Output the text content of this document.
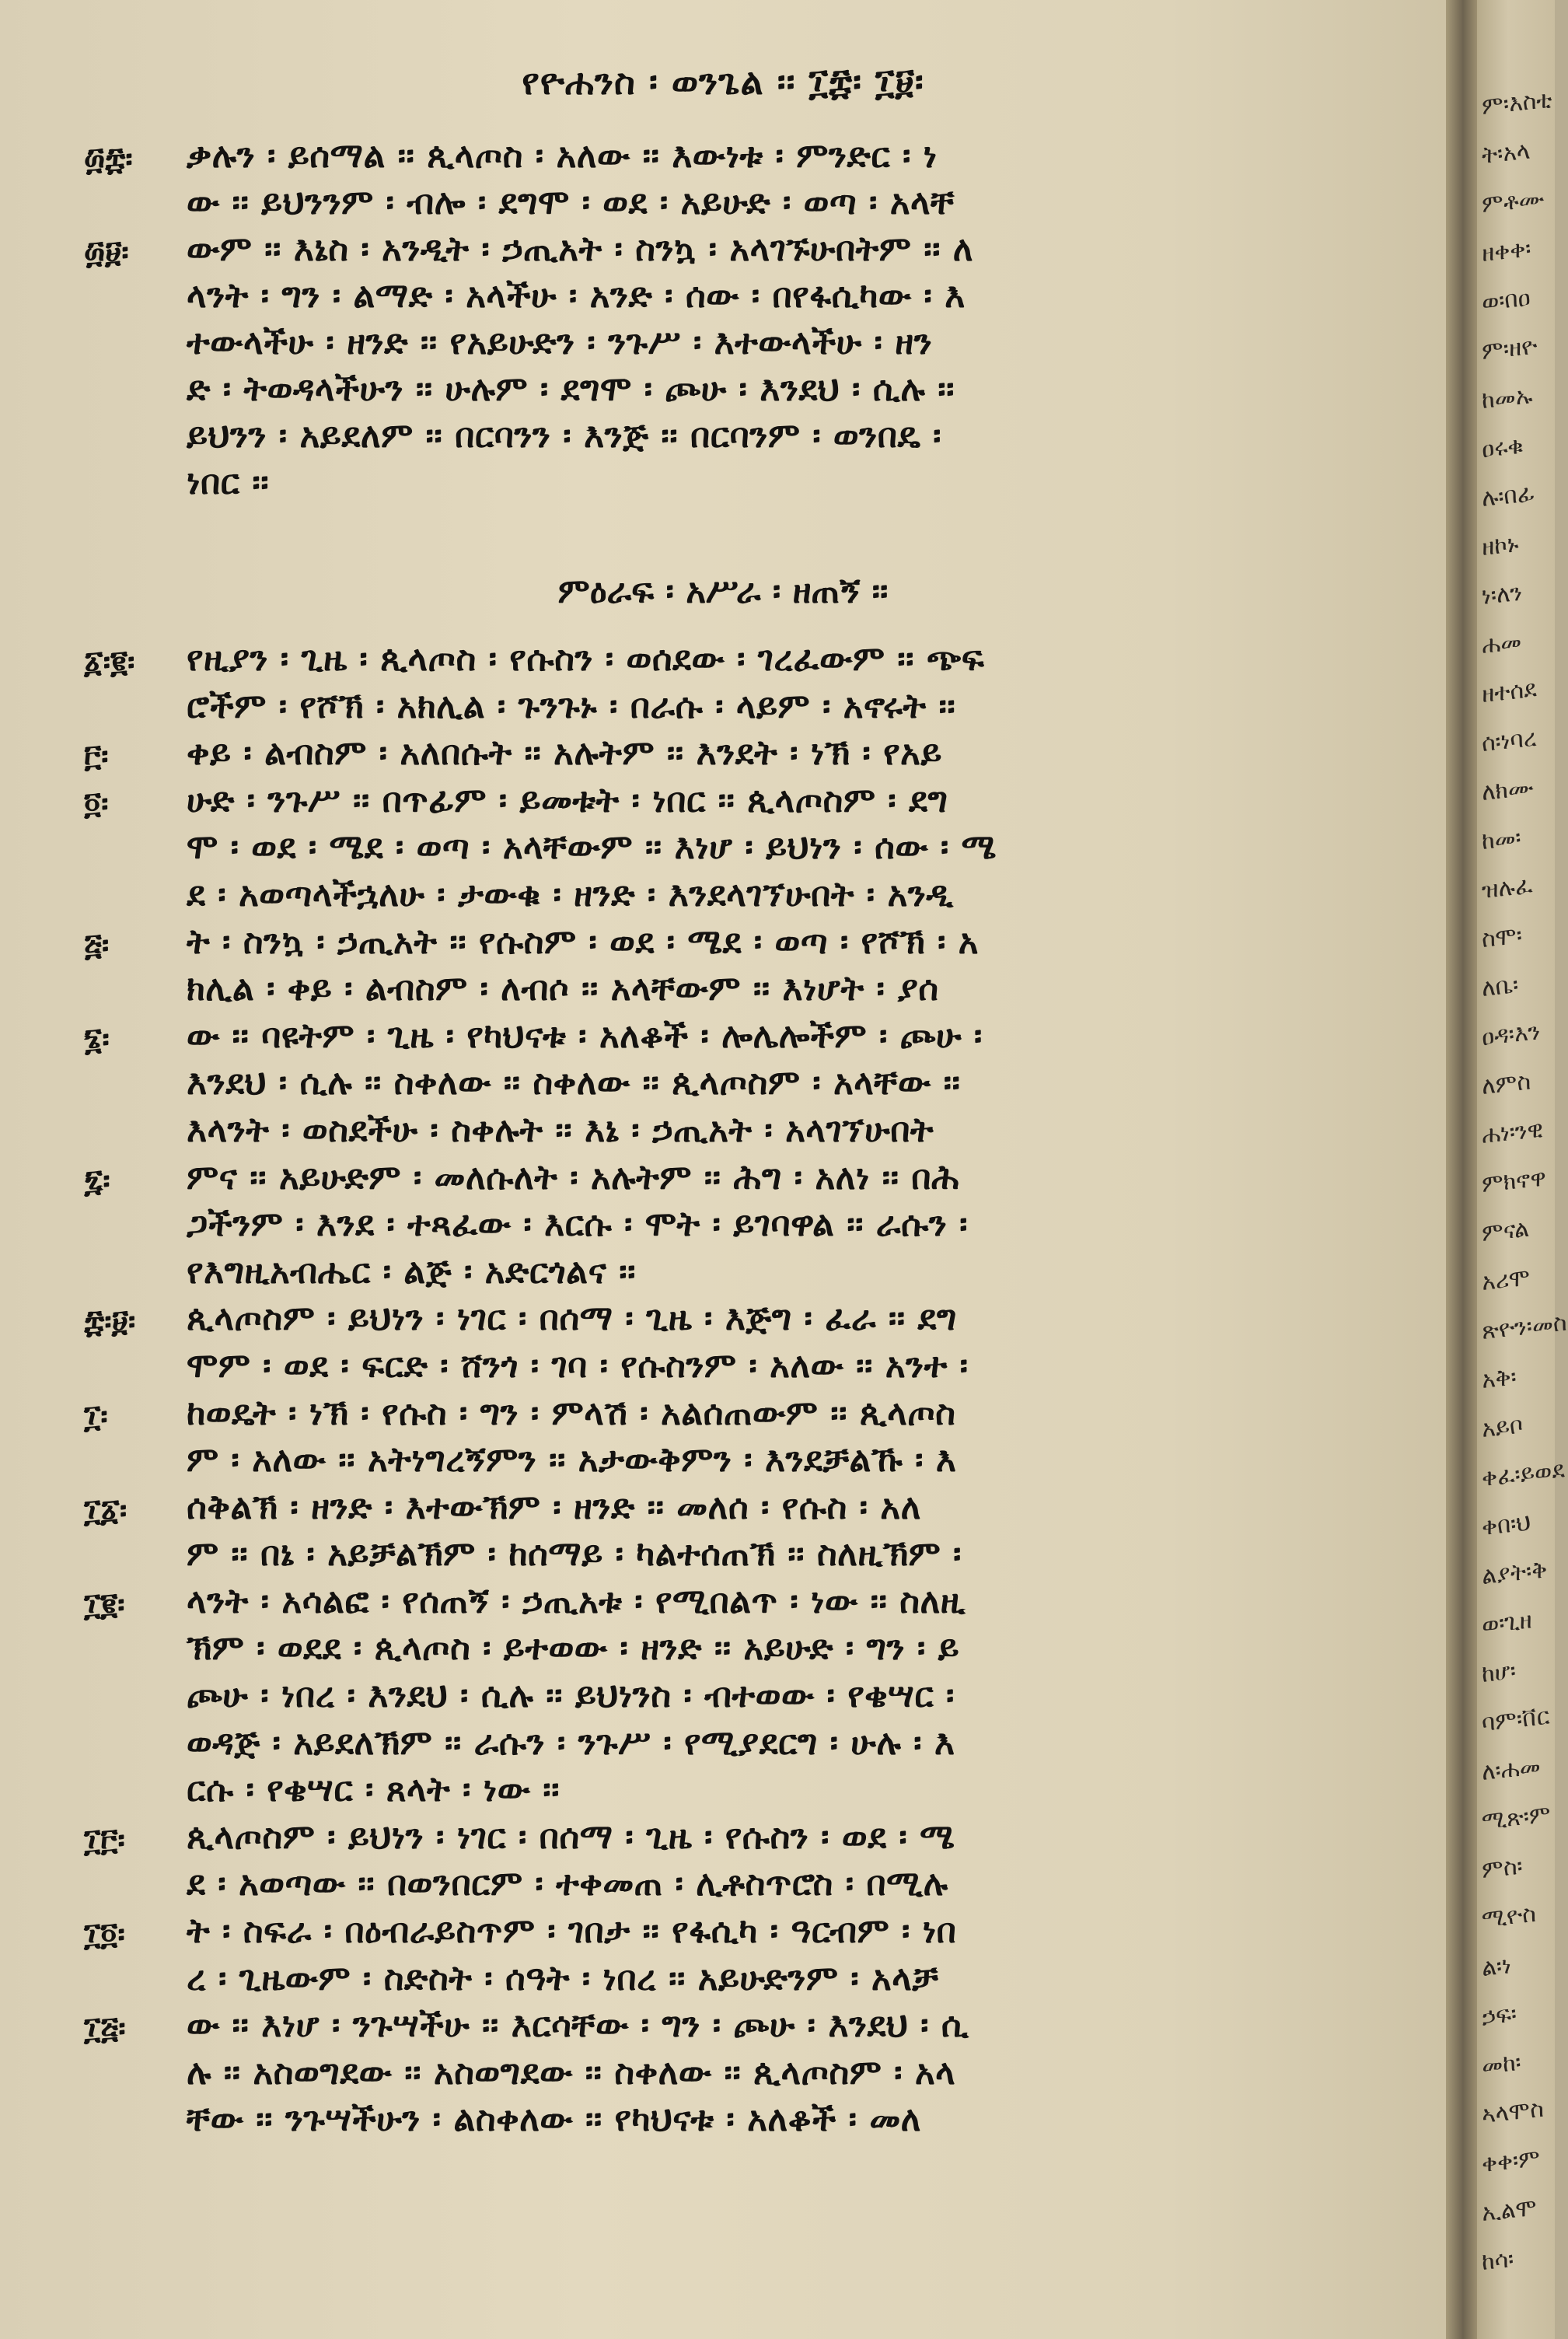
ም፡እስቲ
ት፡አላ
ምቶሙ
ዘቀቀ፡
ወ፡በዐ
ም፡ዘዮ
ከመኡ
ዐሩቁ
ሉ፡በፊ
ዘኮኑ
ነ፡ለን
ሐመ
ዘተሰደ
ሰ፡ነባረ
ለክሙ
ከመ፡
ዝሉፈ
ስሞ፡
ለቤ፡
ዐዳ፡እን
ለምስ
ሐነ፡ንዊ
ምክኖዋ
ምናል
አሪሞ
ጽዮን፡መስ
አቅ፡
አይቦ
ቀፈ፡ይወደ
ቀበ፡ህ
ልያት፡ቅ
ወ፡ጊዘ
ከሆ፡
ባም፡ቨር
ለ፡ሐመ
ሚጽ፡ም
ምስ፡
ሚዮስ
ል፡ነ
ኃፍ፡
መከ፡
ኣላሞስ
ቀቀ፡ም
ኢልሞ
ከሳ፡
የዮሐንስ ፡ ወንጌል ፡፡ ፲፰፡ ፲፱፡
፴፰፡ ቃሉን ፡ ይሰማል ፡፡ ጲላጦስ ፡ አለው ፡፡ እውነቱ ፡ ምንድር ፡ ነ
ው ፡፡ ይህንንም ፡ ብሎ ፡ ደግሞ ፡ ወደ ፡ አይሁድ ፡ ወጣ ፡ አላቸ
፴፱፡ ውም ፡፡ እኔስ ፡ አንዲት ፡ ኃጢአት ፡ ስንኳ ፡ አላገኙሁበትም ፡፡ ለ
ላንት ፡ ግን ፡ ልማድ ፡ አላችሁ ፡ አንድ ፡ ሰው ፡ በየፋሲካው ፡ እ
ተውላችሁ ፡ ዘንድ ፡፡ የአይሁድን ፡ ንጉሥ ፡ እተውላችሁ ፡ ዘን
ድ ፡ ትወዳላችሁን ፡፡ ሁሉም ፡ ደግሞ ፡ ጮሁ ፡ እንደህ ፡ ሲሉ ፡፡
ይህንን ፡ አይደለም ፡፡ በርባንን ፡ እንጅ ፡፡ በርባንም ፡ ወንበዴ ፡
ነበር ፡፡
ምዕራፍ ፡ አሥራ ፡ ዘጠኝ ፡፡
፩፡፪፡ የዚያን ፡ ጊዜ ፡ ጲላጦስ ፡ የሱስን ፡ ወሰደው ፡ ገረፈውም ፡፡ ጭፍ
ሮችም ፡ የሾኽ ፡ አክሊል ፡ ጉንጉኑ ፡ በራሱ ፡ ላይም ፡ አኖሩት ፡፡
፫፡ ቀይ ፡ ልብስም ፡ አለበሱት ፡፡ አሉትም ፡፡ እንደት ፡ ነኽ ፡ የአይ
፬፡ ሁድ ፡ ንጉሥ ፡፡ በጥፊም ፡ ይመቱት ፡ ነበር ፡፡ ጲላጦስም ፡ ደግ
ሞ ፡ ወደ ፡ ሜደ ፡ ወጣ ፡ አላቸውም ፡፡ እነሆ ፡ ይህነን ፡ ሰው ፡ ሜ
ደ ፡ አወጣላችኋለሁ ፡ ታውቁ ፡ ዘንድ ፡ እንደላገኘሁበት ፡ አንዲ
፭፡ ት ፡ ስንኳ ፡ ኃጢአት ፡፡ የሱስም ፡ ወደ ፡ ሜደ ፡ ወጣ ፡ የሾኽ ፡ አ
ክሊል ፡ ቀይ ፡ ልብስም ፡ ለብሶ ፡፡ አላቸውም ፡፡ እነሆት ፡ ያሰ
፮፡ ው ፡፡ ባዩትም ፡ ጊዜ ፡ የካህናቱ ፡ አለቆች ፡ ሎሌሎችም ፡ ጮሁ ፡
እንደህ ፡ ሲሉ ፡፡ ስቀለው ፡፡ ስቀለው ፡፡ ጲላጦስም ፡ አላቸው ፡፡
እላንት ፡ ወስደችሁ ፡ ስቀሉት ፡፡ እኔ ፡ ኃጢአት ፡ አላገኘሁበት
፯፡ ምና ፡፡ አይሁድም ፡ መለሱለት ፡ አሉትም ፡፡ ሕግ ፡ አለነ ፡፡ በሕ
ጋችንም ፡ እንደ ፡ ተጻፈው ፡ እርሱ ፡ ሞት ፡ ይገባዋል ፡፡ ራሱን ፡
የእግዚአብሔር ፡ ልጅ ፡ አድርጎልና ፡፡
፰፡፱፡ ጲላጦስም ፡ ይህነን ፡ ነገር ፡ በሰማ ፡ ጊዜ ፡ እጅግ ፡ ፈራ ፡፡ ደግ
ሞም ፡ ወደ ፡ ፍርድ ፡ ሸንጎ ፡ ገባ ፡ የሱስንም ፡ አለው ፡፡ አንተ ፡
፲፡ ከወዴት ፡ ነኽ ፡ የሱስ ፡ ግን ፡ ምላሽ ፡ አልሰጠውም ፡፡ ጲላጦስ
ም ፡ አለው ፡፡ አትነግረኝምን ፡፡ አታውቅምን ፡ እንደቻልኹ ፡ እ
፲፩፡ ሰቅልኽ ፡ ዘንድ ፡ እተውኽም ፡ ዘንድ ፡፡ መለሰ ፡ የሱስ ፡ አለ
ም ፡፡ በኔ ፡ አይቻልኽም ፡ ከሰማይ ፡ ካልተሰጠኽ ፡፡ ስለዚኽም ፡
፲፪፡ ላንት ፡ አሳልፎ ፡ የሰጠኝ ፡ ኃጢአቱ ፡ የሚበልጥ ፡ ነው ፡፡ ስለዚ
ኽም ፡ ወደደ ፡ ጲላጦስ ፡ ይተወው ፡ ዘንድ ፡፡ አይሁድ ፡ ግን ፡ ይ
ጮሁ ፡ ነበረ ፡ እንደህ ፡ ሲሉ ፡፡ ይህነንስ ፡ ብተወው ፡ የቄሣር ፡
ወዳጅ ፡ አይደለኽም ፡፡ ራሱን ፡ ንጉሥ ፡ የሚያደርግ ፡ ሁሉ ፡ እ
ርሱ ፡ የቄሣር ፡ ጸላት ፡ ነው ፡፡
፲፫፡ ጲላጦስም ፡ ይህነን ፡ ነገር ፡ በሰማ ፡ ጊዜ ፡ የሱስን ፡ ወደ ፡ ሜ
ደ ፡ አወጣው ፡፡ በወንበርም ፡ ተቀመጠ ፡ ሊቶስጥሮስ ፡ በሚሉ
፲፬፡ ት ፡ ስፍራ ፡ በዕብራይስጥም ፡ ገበታ ፡፡ የፋሲካ ፡ ዓርብም ፡ ነበ
ረ ፡ ጊዜውም ፡ ስድስት ፡ ሰዓት ፡ ነበረ ፡፡ አይሁድንም ፡ አላቻ
፲፭፡ ው ፡፡ እነሆ ፡ ንጉሣችሁ ፡፡ እርሳቸው ፡ ግን ፡ ጮሁ ፡ እንደህ ፡ ሲ
ሉ ፡፡ አስወግደው ፡፡ አስወግደው ፡፡ ስቀለው ፡፡ ጲላጦስም ፡ አላ
ቸው ፡፡ ንጉሣችሁን ፡ ልስቀለው ፡፡ የካህናቱ ፡ አለቆች ፡ መለ
